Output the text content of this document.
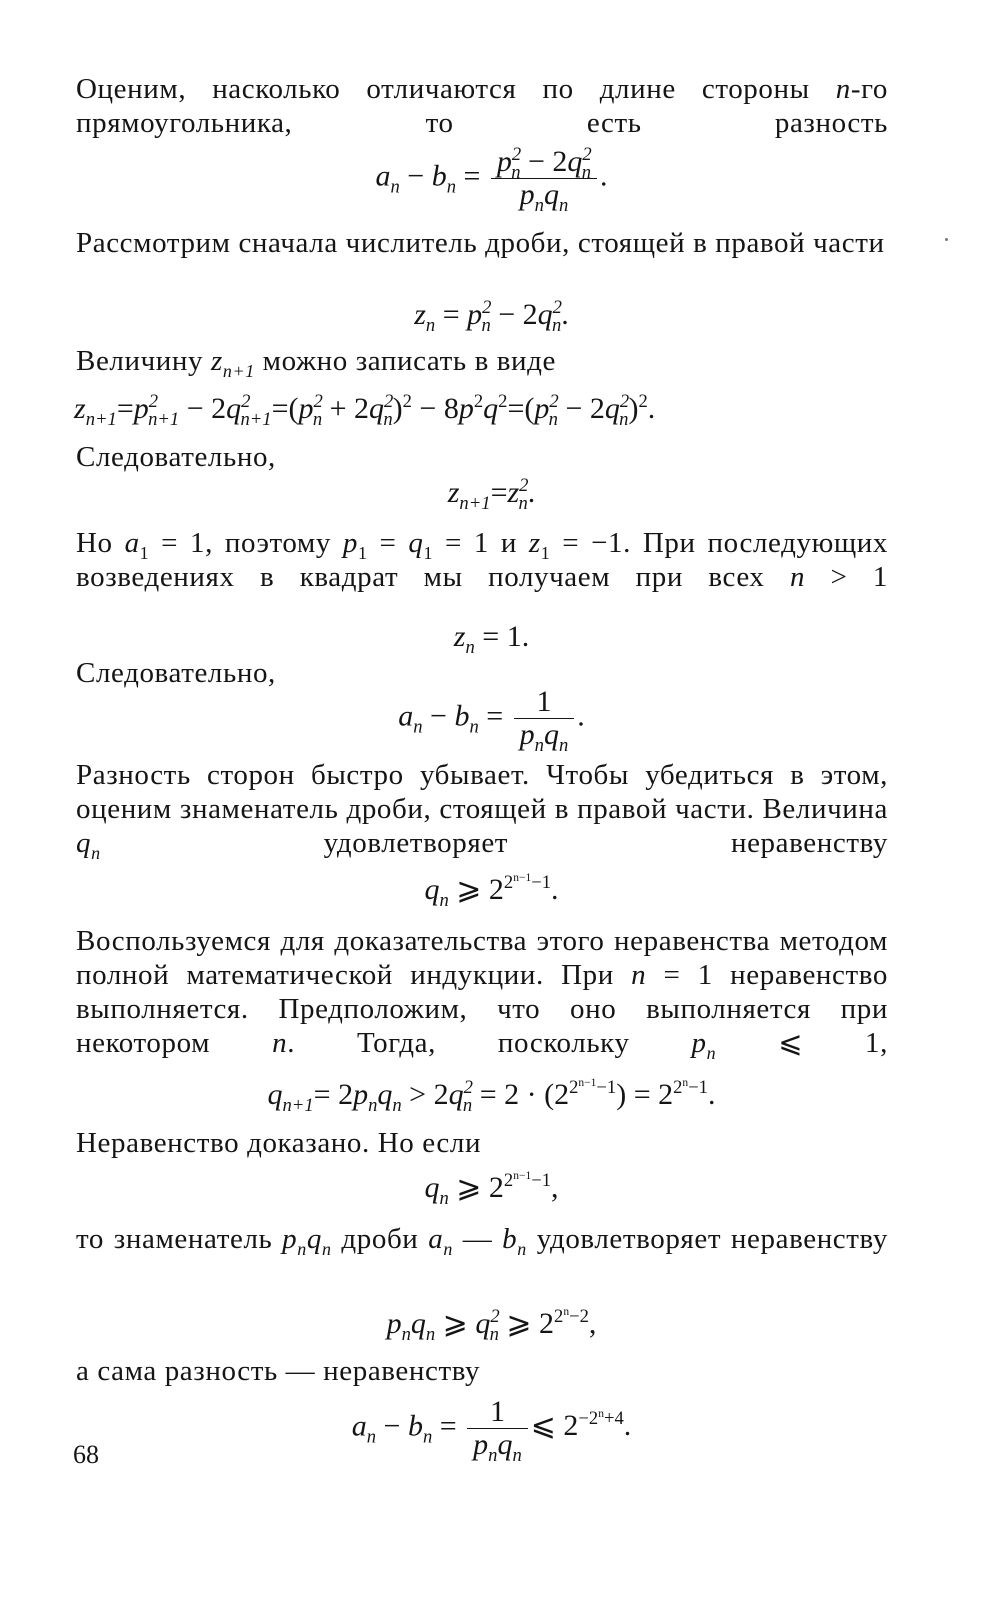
Оценим, насколько отличаются по длине стороны n-го прямоугольника, то есть разность

$a_n - b_n = \frac{p^2_n - 2q^2_n}{p_nq_n}$ .

Рассмотрим сначала числитель дроби, стоящей в правой части

$z_n = p^2_n - 2q^2_n$.

Величину $z_{n+1}$ можно записать в виде

$z_{n+1}=p^2_{n+1} - 2q^2_{n+1}=(p^2_n + 2q^2_n)^2 - 8p^2q^2=(p^2_n - 2q^2_n)^2$.

Следовательно,

$z_{n+1}=z^2_n$.

Но $a_1 = 1$, поэтому $p_1 = q_1 = 1$ и $z_1 = -1$. При последующих возведениях в квадрат мы получаем при всех n > 1

$z_n = 1$.

Следовательно,

$a_n - b_n = \frac{1}{p_nq_n}$ .

Разность сторон быстро убывает. Чтобы убедиться в этом, оценим знаменатель дроби, стоящей в правой части. Величина $q_n$	удовлетворяет неравенству

$q_n$ ⩾ $2^{2^{n-1}-1}$.

Воспользуемся для доказательства этого неравенства методом полной математической индукции. При n = 1 неравенство выполняется. Предположим, что оно выполняется при некотором n. Тогда, поскольку $p_n$ ⩽ 1,

$q_{n+1}= 2p_nq_n > 2q^2_n = 2 \cdot (2^{2^{n-1}-1}) = 2^{2^n-1}$.

Неравенство доказано. Но если

$q_n$ ⩾ $2^{2^{n-1}-1}$,

то знаменатель $p_nq_n$ дроби $a_n$ — $b_n$ удовлетворяет неравенству

$p_nq_n$ ⩾ $q^2_n$ ⩾ $2^{2^n-2}$,

а сама разность — неравенству

$a_n - b_n = \frac{1}{p_nq_n}$ ⩽ $2^{-2^n+4}$.
68
